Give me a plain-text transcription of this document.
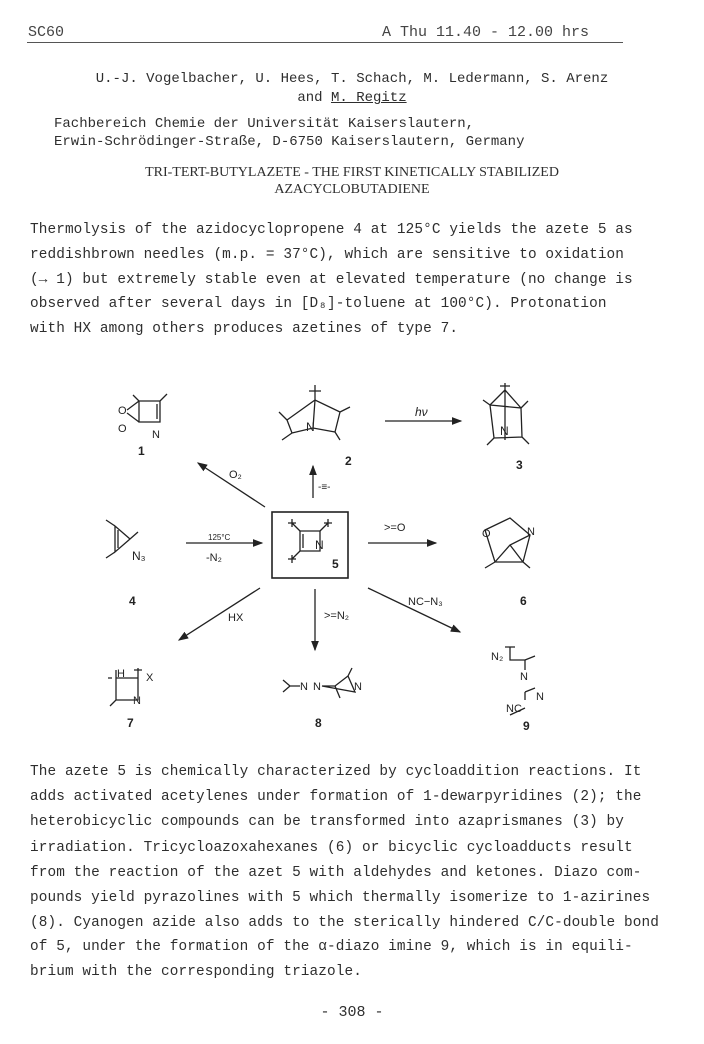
SC60	A Thu 11.40 - 12.00 hrs
U.-J. Vogelbacher, U. Hees, T. Schach, M. Ledermann, S. Arenz
and M. Regitz
Fachbereich Chemie der Universität Kaiserslautern,
Erwin-Schrödinger-Straße, D-6750 Kaiserslautern, Germany
TRI-TERT-BUTYLAZETE - THE FIRST KINETICALLY STABILIZED
AZACYCLOBUTADIENE
Thermolysis of the azidocyclopropene 4 at 125°C yields the azete 5 as
reddishbrown needles (m.p. = 37°C), which are sensitive to oxidation
(→ 1) but extremely stable even at elevated temperature (no change is
observed after several days in [D₈]-toluene at 100°C). Protonation
with HX among others produces azetines of type 7.
O
O N
N	N
N
N₃
O	N
H X
N
N N	N
N₂
N
N
NC
1
2	3
4
5
6
7	8	9
O₂
-≡-
hν
125°C
-N₂
>=O
HX	>=N₂
NC−N₃
The azete 5 is chemically characterized by cycloaddition reactions. It
adds activated acetylenes under formation of 1-dewarpyridines (2); the
heterobicyclic compounds can be transformed into azaprismanes (3) by
irradiation. Tricycloazoxahexanes (6) or bicyclic cycloadducts result
from the reaction of the azet 5 with aldehydes and ketones. Diazo com-
pounds yield pyrazolines with 5 which thermally isomerize to 1-azirines
(8). Cyanogen azide also adds to the sterically hindered C/C-double bond
of 5, under the formation of the α-diazo imine 9, which is in equili-
brium with the corresponding triazole.
- 308 -
